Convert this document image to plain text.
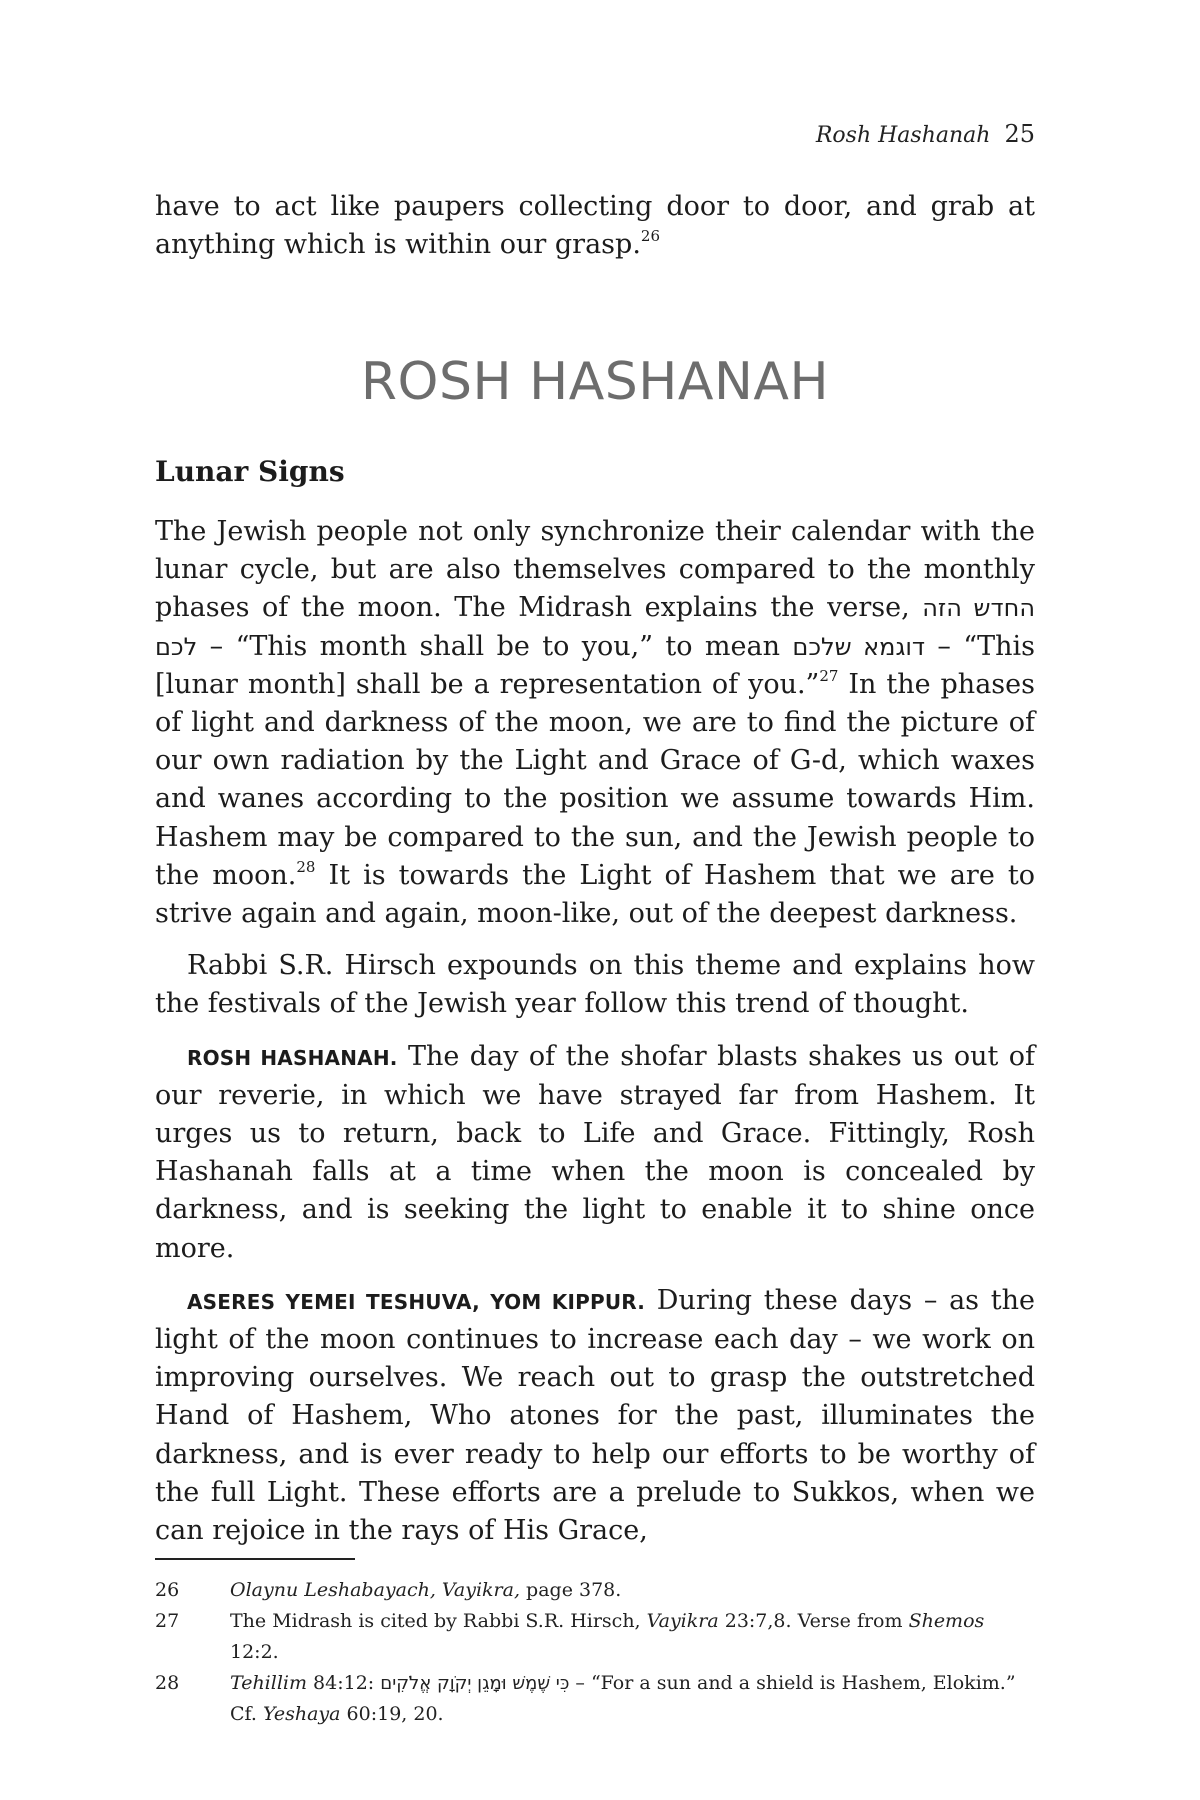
Rosh Hashanah 25

have to act like paupers collecting door to door, and grab at anything which is within our grasp.$^{26}$

ROSH HASHANAH
Lunar Signs

The Jewish people not only synchronize their calendar with the lunar cycle, but are also themselves compared to the monthly phases of the moon. The Midrash explains the verse, החדש הזה לכם – “This month shall be to you,” to mean דוגמא שלכם – “This [lunar month] shall be a representation of you.”$^{27}$ In the phases of light and darkness of the moon, we are to find the picture of our own radiation by the Light and Grace of G-d, which waxes and wanes according to the position we assume towards Him. Hashem may be compared to the sun, and the Jewish people to the moon.$^{28}$ It is towards the Light of Hashem that we are to strive again and again, moon-like, out of the deepest darkness.

Rabbi S.R. Hirsch expounds on this theme and explains how the festivals of the Jewish year follow this trend of thought.

ROSH HASHANAH. The day of the shofar blasts shakes us out of our reverie, in which we have strayed far from Hashem. It urges us to return, back to Life and Grace. Fittingly, Rosh Hashanah falls at a time when the moon is concealed by darkness, and is seeking the light to enable it to shine once more.

ASERES YEMEI TESHUVA, YOM KIPPUR. During these days – as the light of the moon continues to increase each day – we work on improving ourselves. We reach out to grasp the outstretched Hand of Hashem, Who atones for the past, illuminates the darkness, and is ever ready to help our efforts to be worthy of the full Light. These efforts are a prelude to Sukkos, when we can rejoice in the rays of His Grace,

26	Olaynu Leshabayach, Vayikra, page 378.
27	The Midrash is cited by Rabbi S.R. Hirsch, Vayikra 23:7,8. Verse from Shemos 12:2.
28	Tehillim 84:12: כִּי שֶׁמֶשׁ וּמָגֵן יְקֹוָק אֱלֹקִים – “For a sun and a shield is Hashem, Elokim.” Cf. Yeshaya 60:19, 20.
